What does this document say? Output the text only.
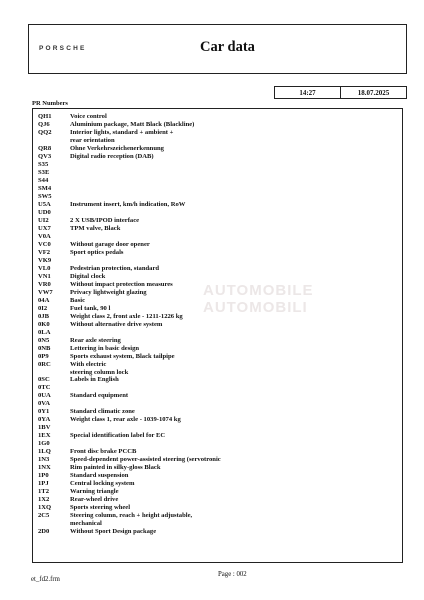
PORSCHE	Car data
14:27	18.07.2025
PR Numbers
QH1	Voice control
QJ6	Aluminium package, Matt Black (Blackline)
QQ2	Interior lights, standard + ambient +
rear orientation
QR8	Ohne Verkehrszeichenerkennung
QV3	Digital radio reception (DAB)
S35
S3E
S44
SM4
SW5
U5A	Instrument insert, km/h indication, RoW
UD0
UI2	2 X USB/IPOD interface
UX7	TPM valve, Black
V0A
VC0	Without garage door opener
VF2	Sport optics pedals
VK9
VL0	Pedestrian protection, standard
VN1	Digital clock
VR0	Without impact protection measures
VW7	Privacy lightweight glazing
04A	Basic
0I2	Fuel tank, 90 l
0JB	Weight class 2, front axle - 1211-1226 kg
0K0	Without alternative drive system
0LA
0N5	Rear axle steering
0NB	Lettering in basic design
0P9	Sports exhaust system, Black tailpipe
0RC	With electric
steering column lock
0SC	Labels in English
0TC
0UA	Standard equipment
0VA
0Y1	Standard climatic zone
0YA	Weight class 1, rear axle - 1039-1074 kg
1BV
1EX	Special identification label for EC
1G0
1LQ	Front disc brake PCCB
1N3	Speed-dependent power-assisted steering (servotronic
1NX	Rim painted in silky-gloss Black
1P0	Standard suspension
1PJ	Central locking system
1T2	Warning triangle
1X2	Rear-wheel drive
1XQ	Sports steering wheel
2C5	Steering column, reach + height adjustable,
mechanical
2D0	Without Sport Design package
AUTOMOBILE
AUTOMOBILI
et_fd2.frm
Page : 002
